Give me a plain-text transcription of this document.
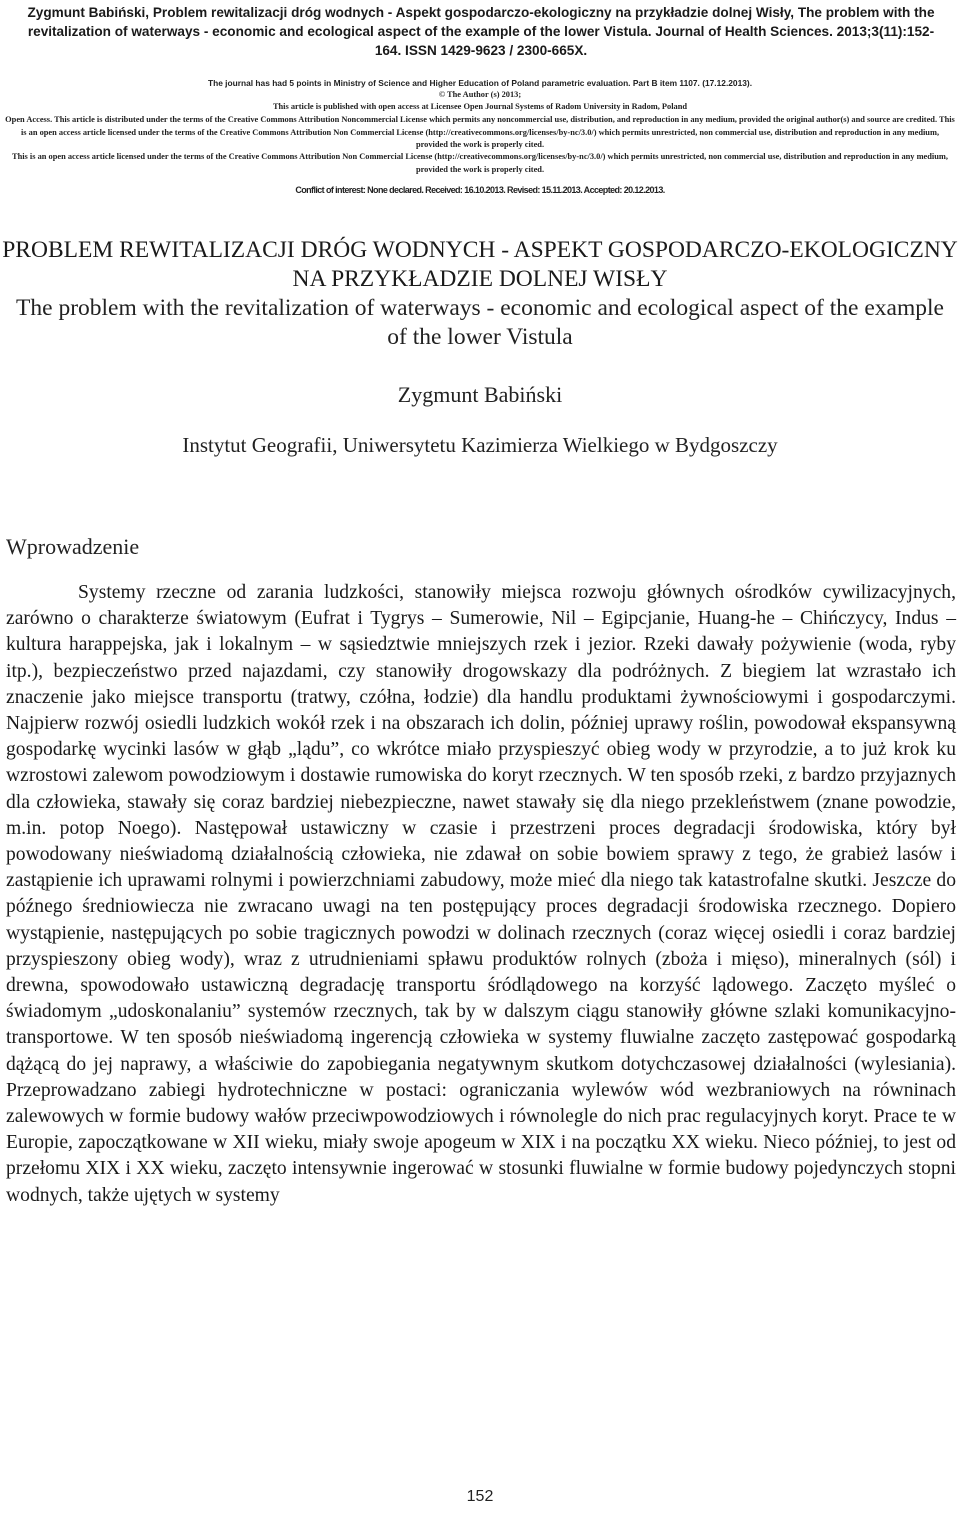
Zygmunt Babiński, Problem rewitalizacji dróg wodnych - Aspekt gospodarczo-ekologiczny na przykładzie dolnej Wisły, The problem with the revitalization of waterways - economic and ecological aspect of the example of the lower Vistula. Journal of Health Sciences. 2013;3(11):152-164. ISSN 1429-9623 / 2300-665X.
The journal has had 5 points in Ministry of Science and Higher Education of Poland parametric evaluation. Part B item 1107. (17.12.2013).
© The Author (s) 2013;
This article is published with open access at Licensee Open Journal Systems of Radom University in Radom, Poland
Open Access. This article is distributed under the terms of the Creative Commons Attribution Noncommercial License which permits any noncommercial use, distribution, and reproduction in any medium, provided the original author(s) and source are credited. This is an open access article licensed under the terms of the Creative Commons Attribution Non Commercial License (http://creativecommons.org/licenses/by-nc/3.0/) which permits unrestricted, non commercial use, distribution and reproduction in any medium, provided the work is properly cited.
This is an open access article licensed under the terms of the Creative Commons Attribution Non Commercial License (http://creativecommons.org/licenses/by-nc/3.0/) which permits unrestricted, non commercial use, distribution and reproduction in any medium, provided the work is properly cited.
Conflict of interest: None declared. Received: 16.10.2013. Revised: 15.11.2013. Accepted: 20.12.2013.
PROBLEM REWITALIZACJI DRÓG WODNYCH - ASPEKT GOSPODARCZO-EKOLOGICZNY NA PRZYKŁADZIE DOLNEJ WISŁY
The problem with the revitalization of waterways - economic and ecological aspect of the example of the lower Vistula
Zygmunt Babiński
Instytut Geografii, Uniwersytetu Kazimierza Wielkiego w Bydgoszczy
Wprowadzenie

Systemy rzeczne od zarania ludzkości, stanowiły miejsca rozwoju głównych ośrodków cywilizacyjnych, zarówno o charakterze światowym (Eufrat i Tygrys – Sumerowie, Nil – Egipcjanie, Huang-he – Chińczycy, Indus – kultura harappejska, jak i lokalnym – w sąsiedztwie mniejszych rzek i jezior. Rzeki dawały pożywienie (woda, ryby itp.), bezpieczeństwo przed najazdami, czy stanowiły drogowskazy dla podróżnych. Z biegiem lat wzrastało ich znaczenie jako miejsce transportu (tratwy, czółna, łodzie) dla handlu produktami żywnościowymi i gospodarczymi. Najpierw rozwój osiedli ludzkich wokół rzek i na obszarach ich dolin, później uprawy roślin, powodował ekspansywną gospodarkę wycinki lasów w głąb „lądu”, co wkrótce miało przyspieszyć obieg wody w przyrodzie, a to już krok ku wzrostowi zalewom powodziowym i dostawie rumowiska do koryt rzecznych. W ten sposób rzeki, z bardzo przyjaznych dla człowieka, stawały się coraz bardziej niebezpieczne, nawet stawały się dla niego przekleństwem (znane powodzie, m.in. potop Noego). Następował ustawiczny w czasie i przestrzeni proces degradacji środowiska, który był powodowany nieświadomą działalnością człowieka, nie zdawał on sobie bowiem sprawy z tego, że grabież lasów i zastąpienie ich uprawami rolnymi i powierzchniami zabudowy, może mieć dla niego tak katastrofalne skutki. Jeszcze do późnego średniowiecza nie zwracano uwagi na ten postępujący proces degradacji środowiska rzecznego. Dopiero wystąpienie, następujących po sobie tragicznych powodzi w dolinach rzecznych (coraz więcej osiedli i coraz bardziej przyspieszony obieg wody), wraz z utrudnieniami spławu produktów rolnych (zboża i mięso), mineralnych (sól) i drewna, spowodowało ustawiczną degradację transportu śródlądowego na korzyść lądowego. Zaczęto myśleć o świadomym „udoskonalaniu” systemów rzecznych, tak by w dalszym ciągu stanowiły główne szlaki komunikacyjno-transportowe. W ten sposób nieświadomą ingerencją człowieka w systemy fluwialne zaczęto zastępować gospodarką dążącą do jej naprawy, a właściwie do zapobiegania negatywnym skutkom dotychczasowej działalności (wylesiania). Przeprowadzano zabiegi hydrotechniczne w postaci: ograniczania wylewów wód wezbraniowych na równinach zalewowych w formie budowy wałów przeciwpowodziowych i równolegle do nich prac regulacyjnych koryt. Prace te w Europie, zapoczątkowane w XII wieku, miały swoje apogeum w XIX i na początku XX wieku. Nieco później, to jest od przełomu XIX i XX wieku, zaczęto intensywnie ingerować w stosunki fluwialne w formie budowy pojedynczych stopni wodnych, także ujętych w systemy

152
